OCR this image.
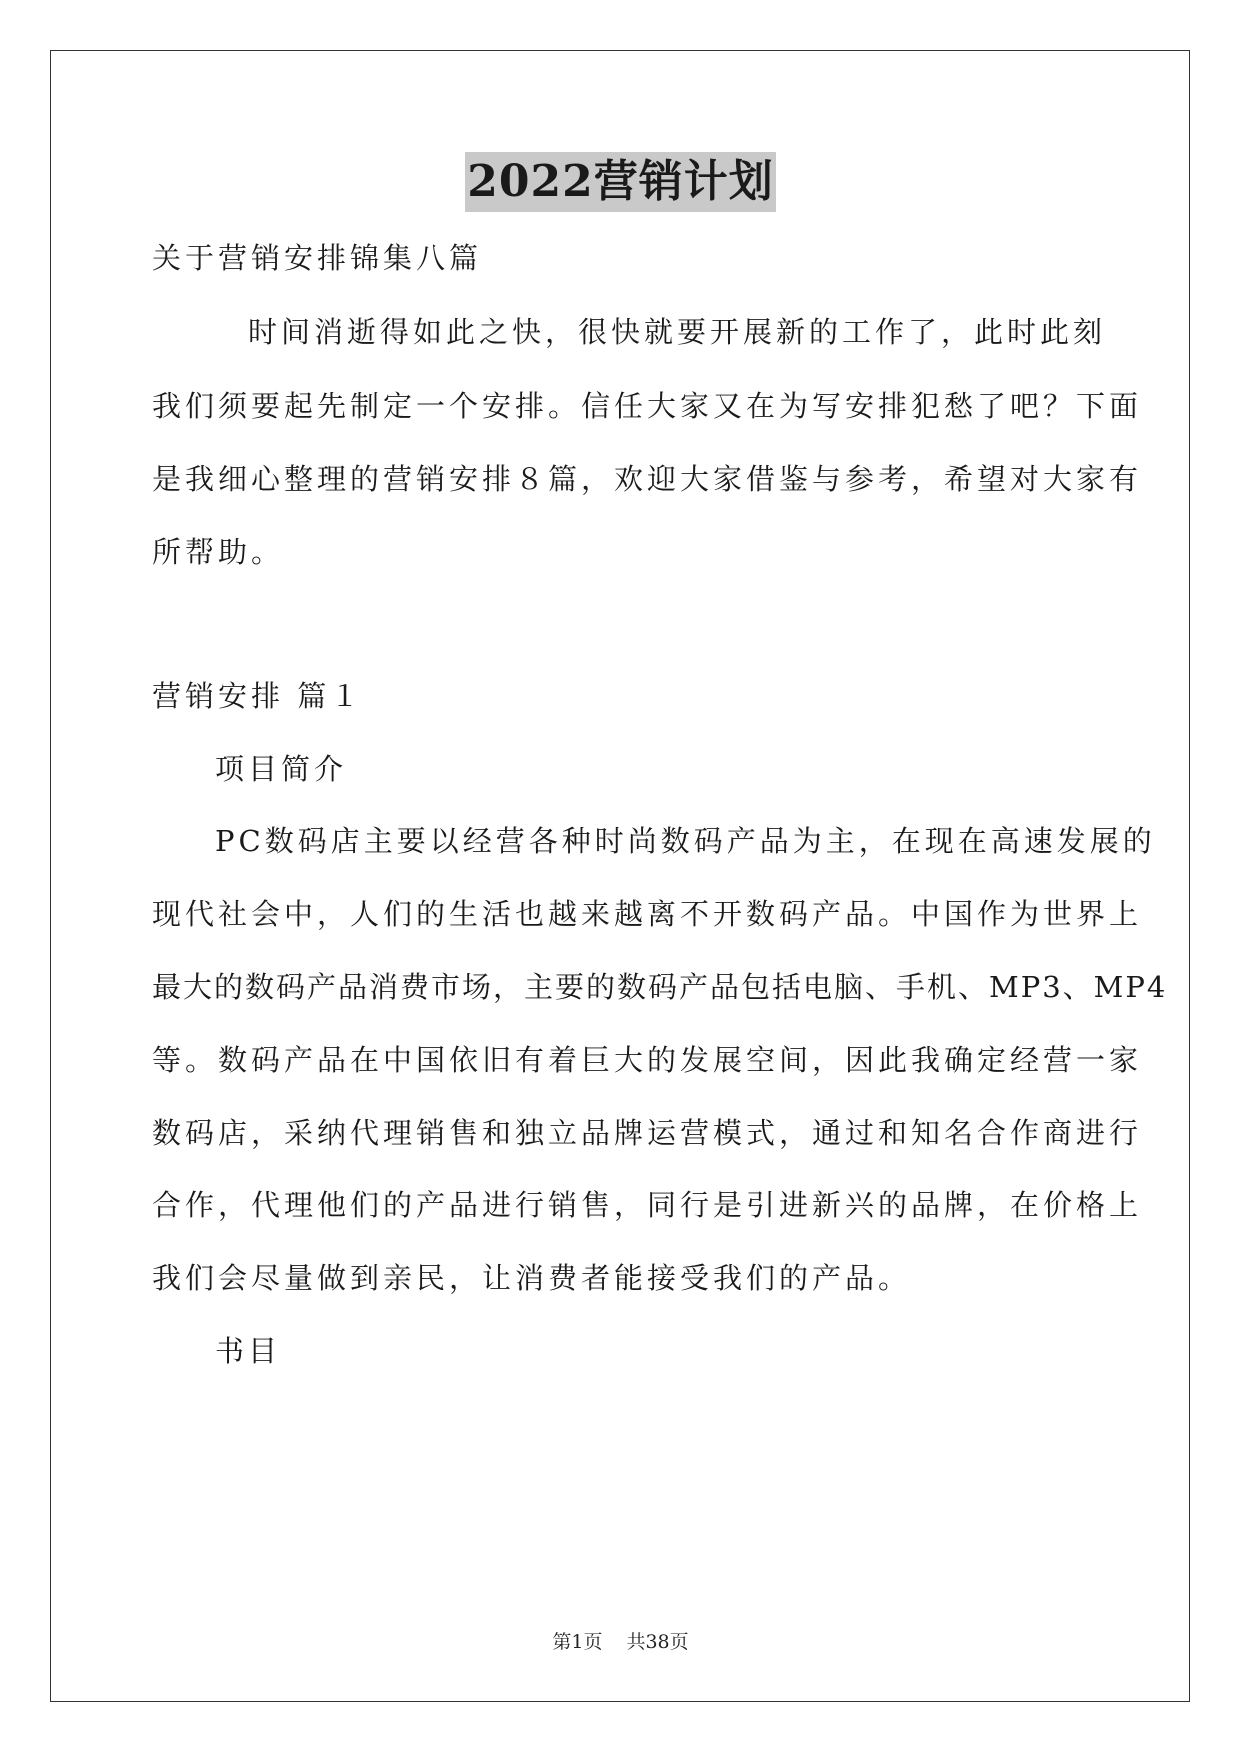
2022营销计划
关于营销安排锦集八篇
时间消逝得如此之快，很快就要开展新的工作了，此时此刻
我们须要起先制定一个安排。信任大家又在为写安排犯愁了吧？下面
是我细心整理的营销安排８篇，欢迎大家借鉴与参考，希望对大家有
所帮助。
营销安排 篇１
项目简介
PC数码店主要以经营各种时尚数码产品为主，在现在高速发展的
现代社会中，人们的生活也越来越离不开数码产品。中国作为世界上
最大的数码产品消费市场，主要的数码产品包括电脑、手机、MP3、MP4
等。数码产品在中国依旧有着巨大的发展空间，因此我确定经营一家
数码店，采纳代理销售和独立品牌运营模式，通过和知名合作商进行
合作，代理他们的产品进行销售，同行是引进新兴的品牌，在价格上
我们会尽量做到亲民，让消费者能接受我们的产品。
书目
第1页 共38页
